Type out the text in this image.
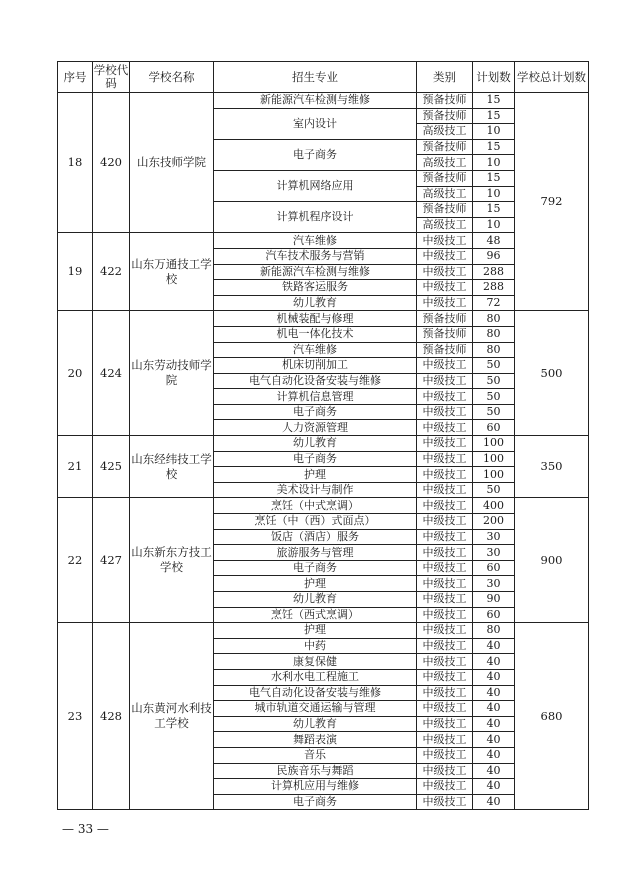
序号	学校代码	学校名称	招生专业	类别	计划数	学校总计划数
18	420	山东技师学院	新能源汽车检测与维修	预备技师	15	792
			室内设计	预备技师	15	
				高级技工	10	
			电子商务	预备技师	15	
				高级技工	10	
			计算机网络应用	预备技师	15	
				高级技工	10	
			计算机程序设计	预备技师	15	
				高级技工	10	
19	422	山东万通技工学校	汽车维修	中级技工	48	
			汽车技术服务与营销	中级技工	96	
			新能源汽车检测与维修	中级技工	288	
			铁路客运服务	中级技工	288	
			幼儿教育	中级技工	72	
20	424	山东劳动技师学院	机械装配与修理	预备技师	80	500
			机电一体化技术	预备技师	80	
			汽车维修	预备技师	80	
			机床切削加工	中级技工	50	
			电气自动化设备安装与维修	中级技工	50	
			计算机信息管理	中级技工	50	
			电子商务	中级技工	50	
			人力资源管理	中级技工	60	
21	425	山东经纬技工学校	幼儿教育	中级技工	100	350
			电子商务	中级技工	100	
			护理	中级技工	100	
			美术设计与制作	中级技工	50	
22	427	山东新东方技工学校	烹饪（中式烹调）	中级技工	400	900
			烹饪（中（西）式面点）	中级技工	200	
			饭店（酒店）服务	中级技工	30	
			旅游服务与管理	中级技工	30	
			电子商务	中级技工	60	
			护理	中级技工	30	
			幼儿教育	中级技工	90	
			烹饪（西式烹调）	中级技工	60	
23	428	山东黄河水利技工学校	护理	中级技工	80	680
			中药	中级技工	40	
			康复保健	中级技工	40	
			水利水电工程施工	中级技工	40	
			电气自动化设备安装与维修	中级技工	40	
			城市轨道交通运输与管理	中级技工	40	
			幼儿教育	中级技工	40	
			舞蹈表演	中级技工	40	
			音乐	中级技工	40	
			民族音乐与舞蹈	中级技工	40	
			计算机应用与维修	中级技工	40	
			电子商务	中级技工	40	
— 33 —
